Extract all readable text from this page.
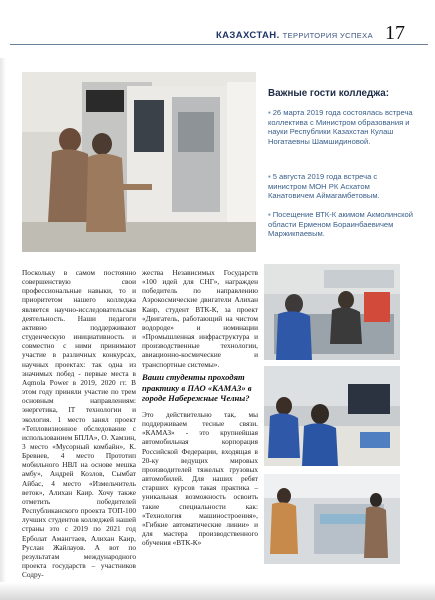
КАЗАХСТАН. ТЕРРИТОРИЯ УСПЕХА 17
Важные гости колледжа:
▪ 26 марта 2019 года состоялась встреча коллектива с Министром образования и науки Республики Казахстан Кулаш Ногатаевны Шамшидиновой.
▪ 5 августа 2019 года встреча с министром МОН РК Асхатом Канатовичем Аймагамбетовым.
▪ Посещение ВТК-К акимом Акмолинской области Ерменом Бораинбаевичем Маржикпаевым.
Поскольку в самом постоянно совершенствую свои профессиональные навыки, то и приоритетом нашего колледжа является научно-исследовательская деятельность. Наши педагоги активно поддерживают студенческую инициативность и совместно с ними принимают участие в различных конкурсах, научных проектах: так одна из значимых побед - первые места в Aqmola Power в 2019, 2020 гг. В этом году приняли участие по трем основным направлениям: энергетика, IT технологии и экология. 1 место занял проект «Тепловизионное обследование с использованием БПЛА», О. Хамзин, 3 место «Мусорный комбайн», К. Бревнев, 4 место Прототип мобильного НВЛ на основе мешка амбу», Андрей Козлов, Сымбат Айбас, 4 место «Измельчитель веток», Алихан Каир. Хочу также отметить победителей Республиканского проекта ТОП-100 лучших студентов колледжей нашей страны это с 2019 по 2021 год Ерболат Амангтаев, Алихан Каир, Руслан Жайлауов. А вот по результатам международного проекта государств – участников Содру-
жества Независимых Государств «100 идей для СНГ», награжден победитель по направлению Аэрокосмические двигатели Алихан Каир, студент ВТК-К, за проект «Двигатель, работающий на чистом водороде» и номинации «Промышленная инфраструктура и производственные технологии, авиационно-космические и транспортные системы».
Ваши студенты проходят практику в ПАО «КАМАЗ» в городе Набережные Челны?
Это действительно так, мы поддерживаем тесные связи. «КАМАЗ» - это крупнейшая автомобильная корпорация Российской Федерации, входящая в 20-ку ведущих мировых производителей тяжелых грузовых автомобилей. Для наших ребят старших курсов такая практика – уникальная возможность освоить такие специальности как: «Технология машиностроения», «Гибкие автоматические линии» и для мастера производственного обучения «ВТК-К»
